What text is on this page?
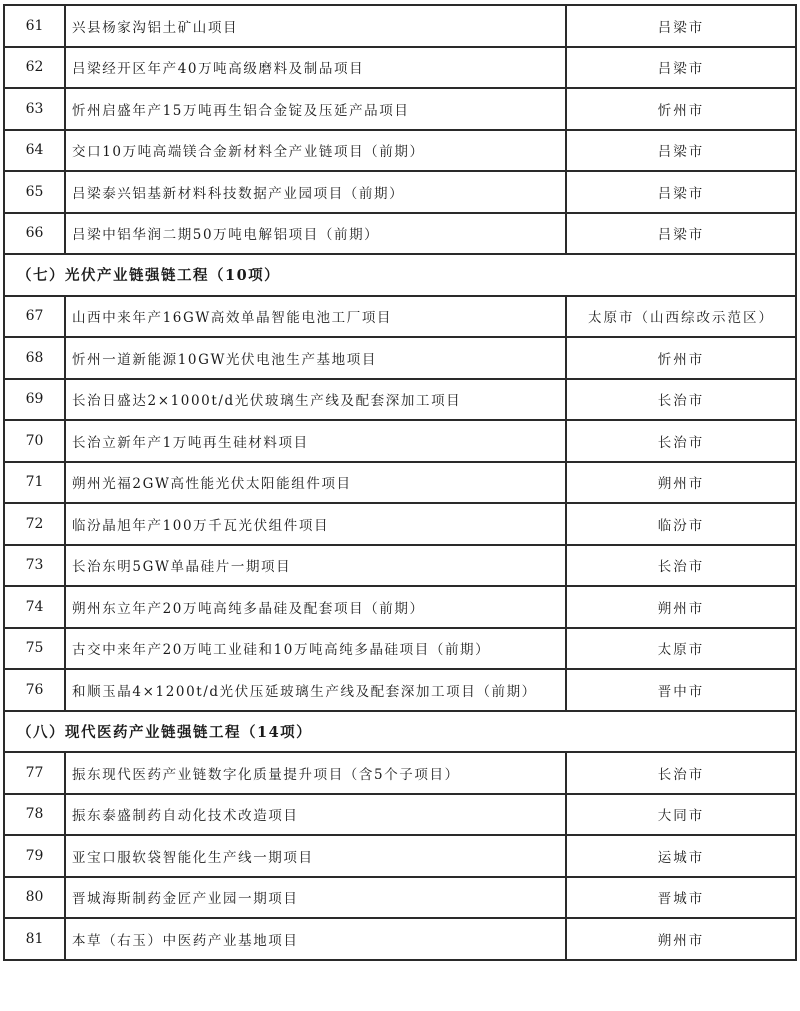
61	兴县杨家沟铝土矿山项目	吕梁市
62	吕梁经开区年产40万吨高级磨料及制品项目	吕梁市
63	忻州启盛年产15万吨再生铝合金锭及压延产品项目	忻州市
64	交口10万吨高端镁合金新材料全产业链项目（前期）	吕梁市
65	吕梁泰兴铝基新材料科技数据产业园项目（前期）	吕梁市
66	吕梁中铝华润二期50万吨电解铝项目（前期）	吕梁市
（七）光伏产业链强链工程（10项）		
67	山西中来年产16GW高效单晶智能电池工厂项目	太原市（山西综改示范区）
68	忻州一道新能源10GW光伏电池生产基地项目	忻州市
69	长治日盛达2×1000t/d光伏玻璃生产线及配套深加工项目	长治市
70	长治立新年产1万吨再生硅材料项目	长治市
71	朔州光福2GW高性能光伏太阳能组件项目	朔州市
72	临汾晶旭年产100万千瓦光伏组件项目	临汾市
73	长治东明5GW单晶硅片一期项目	长治市
74	朔州东立年产20万吨高纯多晶硅及配套项目（前期）	朔州市
75	古交中来年产20万吨工业硅和10万吨高纯多晶硅项目（前期）	太原市
76	和顺玉晶4×1200t/d光伏压延玻璃生产线及配套深加工项目（前期）	晋中市
（八）现代医药产业链强链工程（14项）		
77	振东现代医药产业链数字化质量提升项目（含5个子项目）	长治市
78	振东泰盛制药自动化技术改造项目	大同市
79	亚宝口服软袋智能化生产线一期项目	运城市
80	晋城海斯制药金匠产业园一期项目	晋城市
81	本草（右玉）中医药产业基地项目	朔州市
